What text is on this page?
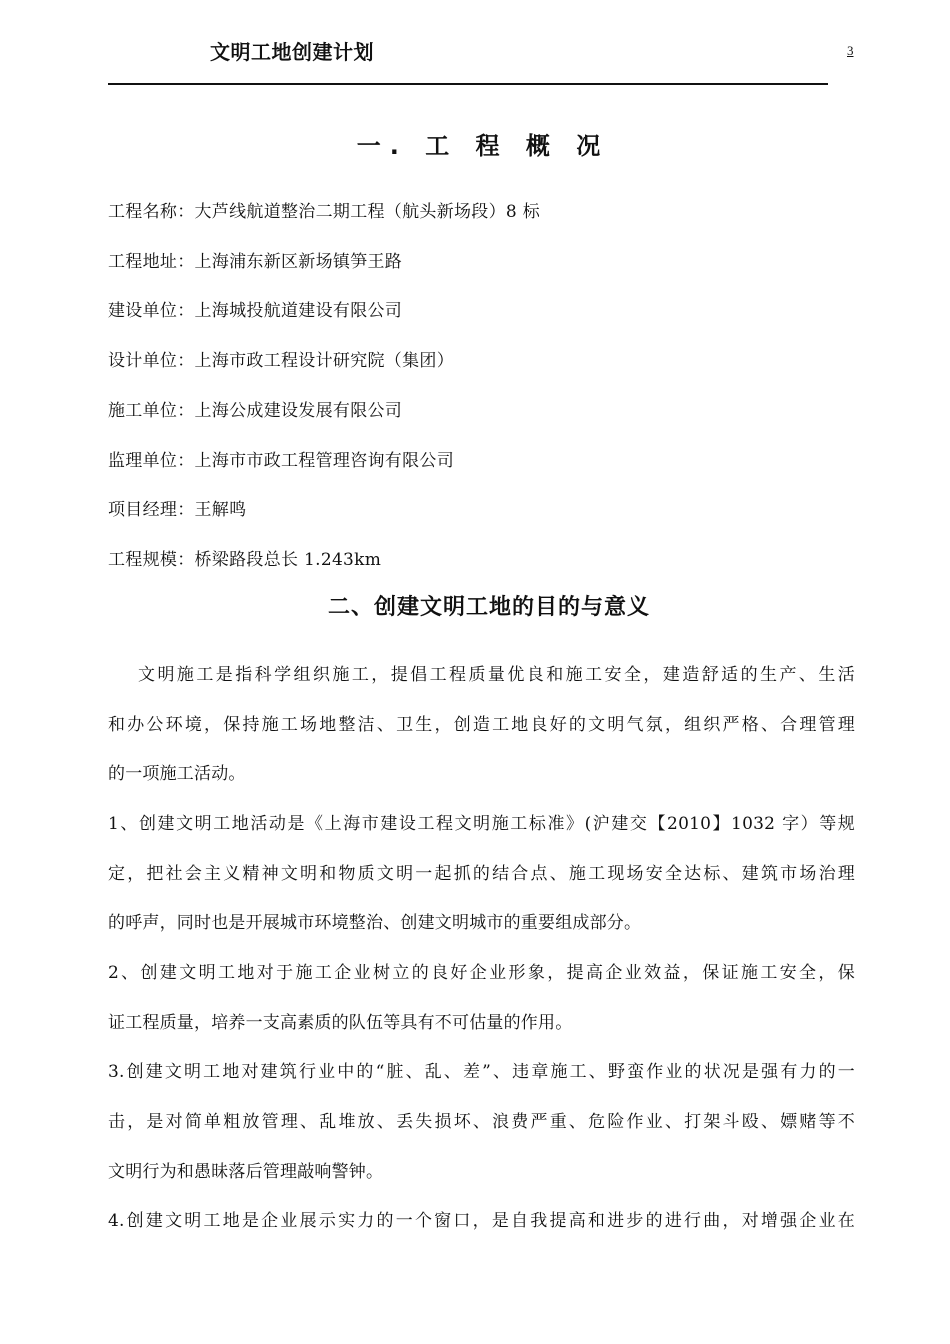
文明工地创建计划	3
一. 工 程 概 况
工程名称：大芦线航道整治二期工程（航头新场段）8 标
工程地址：上海浦东新区新场镇笋王路
建设单位：上海城投航道建设有限公司
设计单位：上海市政工程设计研究院（集团）
施工单位：上海公成建设发展有限公司
监理单位：上海市市政工程管理咨询有限公司
项目经理：王解鸣
工程规模：桥梁路段总长 1.243km
二、创建文明工地的目的与意义
文明施工是指科学组织施工，提倡工程质量优良和施工安全，建造舒适的生产、生活
和办公环境，保持施工场地整洁、卫生，创造工地良好的文明气氛，组织严格、合理管理
的一项施工活动。
1、创建文明工地活动是《上海市建设工程文明施工标准》(沪建交【2010】1032 字）等规
定，把社会主义精神文明和物质文明一起抓的结合点、施工现场安全达标、建筑市场治理
的呼声，同时也是开展城市环境整治、创建文明城市的重要组成部分。
2、创建文明工地对于施工企业树立的良好企业形象，提高企业效益，保证施工安全，保
证工程质量，培养一支高素质的队伍等具有不可估量的作用。
3.创建文明工地对建筑行业中的“脏、乱、差”、违章施工、野蛮作业的状况是强有力的一
击，是对简单粗放管理、乱堆放、丢失损坏、浪费严重、危险作业、打架斗殴、嫖赌等不
文明行为和愚昧落后管理敲响警钟。
4.创建文明工地是企业展示实力的一个窗口，是自我提高和进步的进行曲，对增强企业在
